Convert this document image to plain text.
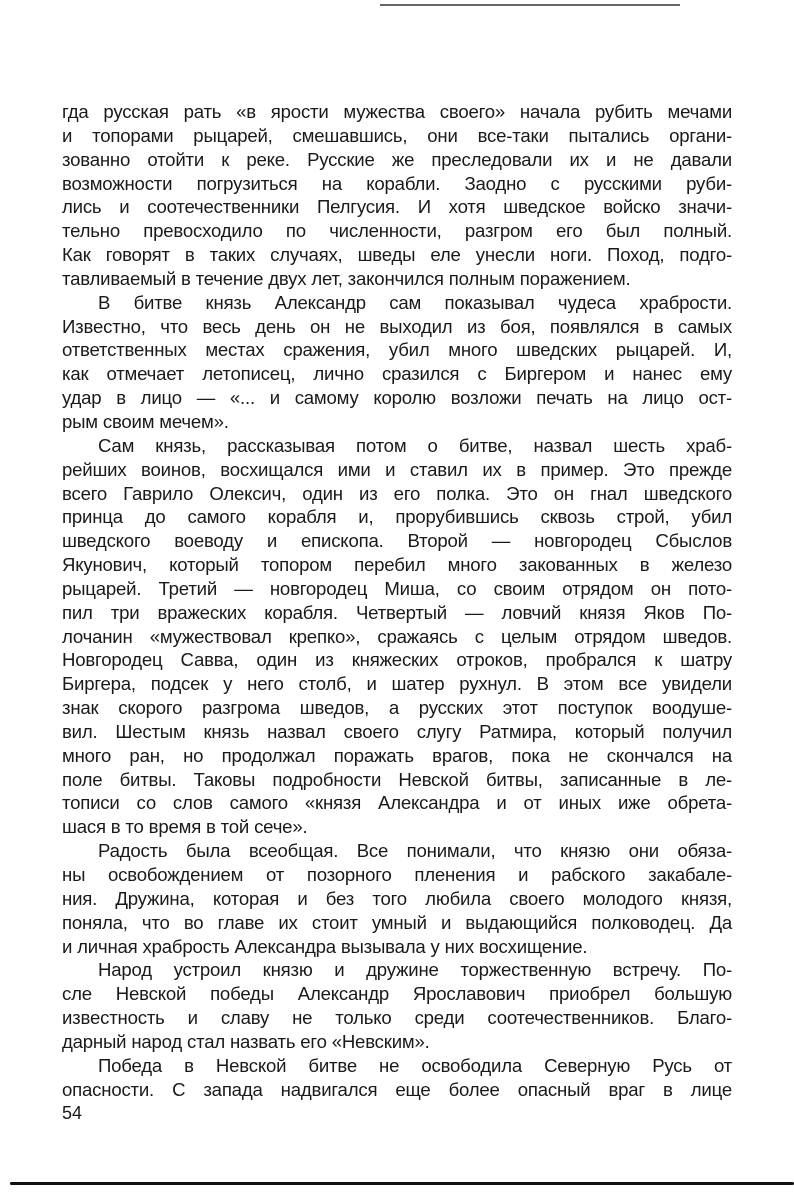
гда русская рать «в ярости мужества своего» начала рубить мечами
и топорами рыцарей, смешавшись, они все-таки пытались органи-
зованно отойти к реке. Русские же преследовали их и не давали
возможности погрузиться на корабли. Заодно с русскими руби-
лись и соотечественники Пелгусия. И хотя шведское войско значи-
тельно превосходило по численности, разгром его был полный.
Как говорят в таких случаях, шведы еле унесли ноги. Поход, подго-
тавливаемый в течение двух лет, закончился полным поражением.
В битве князь Александр сам показывал чудеса храбрости.
Известно, что весь день он не выходил из боя, появлялся в самых
ответственных местах сражения, убил много шведских рыцарей. И,
как отмечает летописец, лично сразился с Биргером и нанес ему
удар в лицо — «... и самому королю возложи печать на лицо ост-
рым своим мечем».
Сам князь, рассказывая потом о битве, назвал шесть храб-
рейших воинов, восхищался ими и ставил их в пример. Это прежде
всего Гаврило Олексич, один из его полка. Это он гнал шведского
принца до самого корабля и, прорубившись сквозь строй, убил
шведского воеводу и епископа. Второй — новгородец Сбыслов
Якунович, который топором перебил много закованных в железо
рыцарей. Третий — новгородец Миша, со своим отрядом он пото-
пил три вражеских корабля. Четвертый — ловчий князя Яков По-
лочанин «мужествовал крепко», сражаясь с целым отрядом шведов.
Новгородец Савва, один из княжеских отроков, пробрался к шатру
Биргера, подсек у него столб, и шатер рухнул. В этом все увидели
знак скорого разгрома шведов, а русских этот поступок воодуше-
вил. Шестым князь назвал своего слугу Ратмира, который получил
много ран, но продолжал поражать врагов, пока не скончался на
поле битвы. Таковы подробности Невской битвы, записанные в ле-
тописи со слов самого «князя Александра и от иных иже обрета-
шася в то время в той сече».
Радость была всеобщая. Все понимали, что князю они обяза-
ны освобождением от позорного пленения и рабского закабале-
ния. Дружина, которая и без того любила своего молодого князя,
поняла, что во главе их стоит умный и выдающийся полководец. Да
и личная храбрость Александра вызывала у них восхищение.
Народ устроил князю и дружине торжественную встречу. По-
сле Невской победы Александр Ярославович приобрел большую
известность и славу не только среди соотечественников. Благо-
дарный народ стал назвать его «Невским».
Победа в Невской битве не освободила Северную Русь от
опасности. С запада надвигался еще более опасный враг в лице
54
